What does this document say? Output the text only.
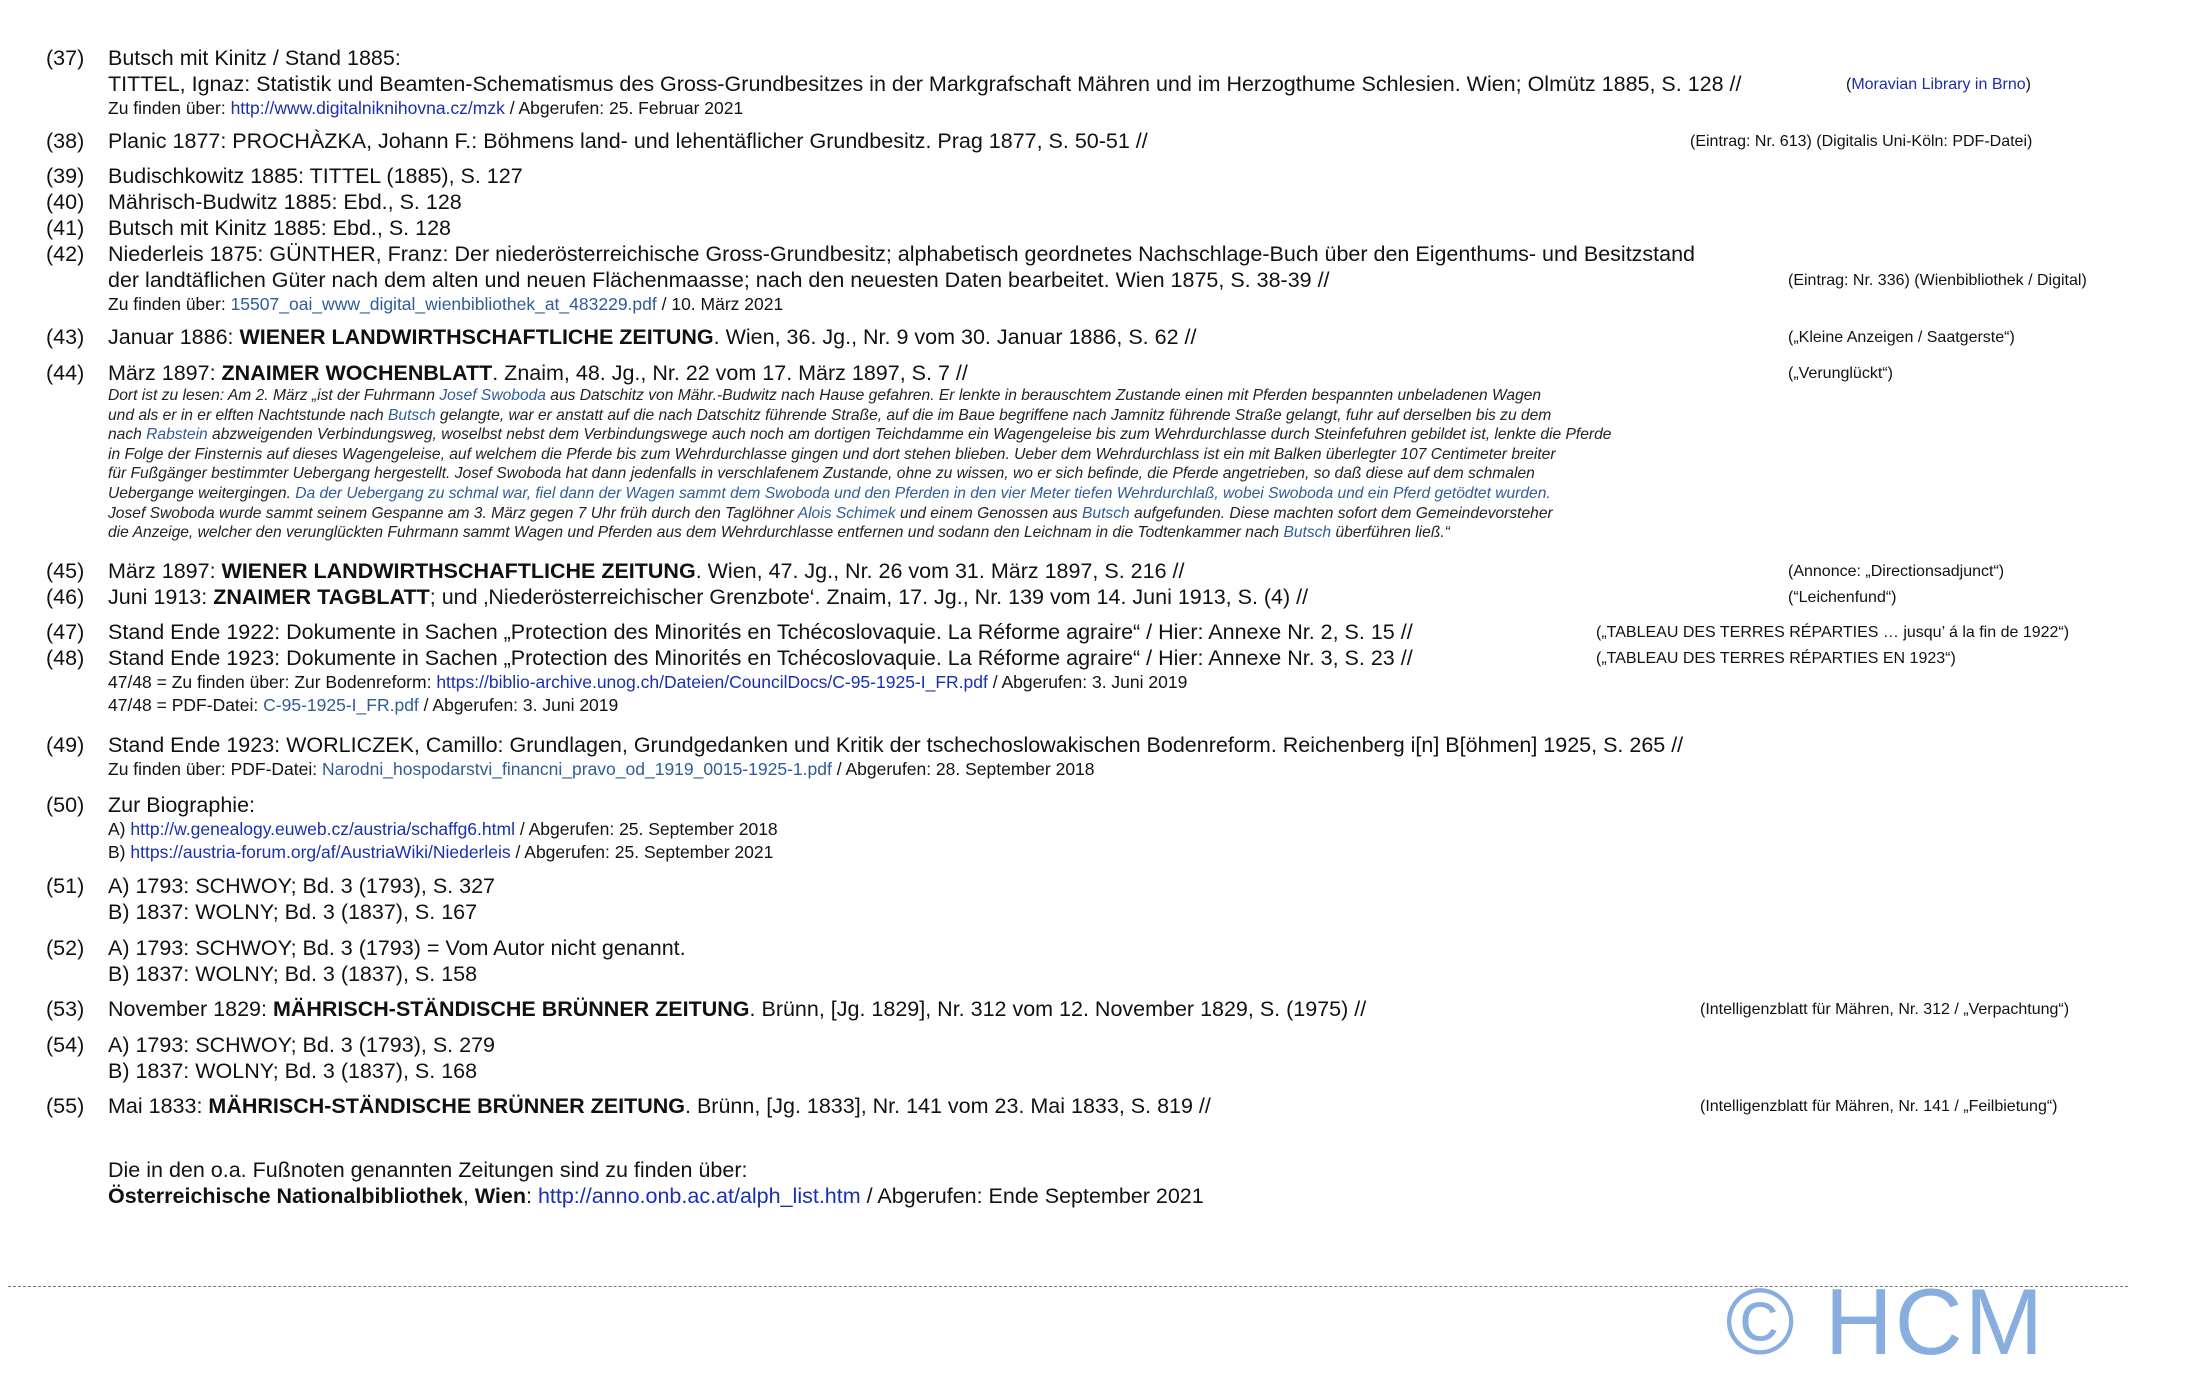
(37)	Butsch mit Kinitz / Stand 1885:
TITTEL, Ignaz: Statistik und Beamten-Schematismus des Gross-Grundbesitzes in der Markgrafschaft Mähren und im Herzogthume Schlesien. Wien; Olmütz 1885, S. 128 //	(Moravian Library in Brno)
Zu finden über: http://www.digitalniknihovna.cz/mzk / Abgerufen: 25. Februar 2021
(38)	Planic 1877: PROCHÀZKA, Johann F.: Böhmens land- und lehentäflicher Grundbesitz. Prag 1877, S. 50-51 //	(Eintrag: Nr. 613) (Digitalis Uni-Köln: PDF-Datei)
(39)	Budischkowitz 1885: TITTEL (1885), S. 127
(40)	Mährisch-Budwitz 1885: Ebd., S. 128
(41)	Butsch mit Kinitz 1885: Ebd., S. 128
(42)	Niederleis 1875: GÜNTHER, Franz: Der niederösterreichische Gross-Grundbesitz; alphabetisch geordnetes Nachschlage-Buch über den Eigenthums- und Besitzstand
der landtäflichen Güter nach dem alten und neuen Flächenmaasse; nach den neuesten Daten bearbeitet. Wien 1875, S. 38-39 //	(Eintrag: Nr. 336) (Wienbibliothek / Digital)
Zu finden über: 15507_oai_www_digital_wienbibliothek_at_483229.pdf / 10. März 2021
(43)	Januar 1886: WIENER LANDWIRTHSCHAFTLICHE ZEITUNG. Wien, 36. Jg., Nr. 9 vom 30. Januar 1886, S. 62 //	(„Kleine Anzeigen / Saatgerste“)
(44)	März 1897: ZNAIMER WOCHENBLATT. Znaim, 48. Jg., Nr. 22 vom 17. März 1897, S. 7 //	(„Verunglückt“)
Dort ist zu lesen: Am 2. März „ist der Fuhrmann Josef Swoboda aus Datschitz von Mähr.-Budwitz nach Hause gefahren. Er lenkte in berauschtem Zustande einen mit Pferden bespannten unbeladenen Wagen
und als er in er elften Nachtstunde nach Butsch gelangte, war er anstatt auf die nach Datschitz führende Straße, auf die im Baue begriffene nach Jamnitz führende Straße gelangt, fuhr auf derselben bis zu dem
nach Rabstein abzweigenden Verbindungsweg, woselbst nebst dem Verbindungswege auch noch am dortigen Teichdamme ein Wagengeleise bis zum Wehrdurchlasse durch Steinfefuhren gebildet ist, lenkte die Pferde
in Folge der Finsternis auf dieses Wagengeleise, auf welchem die Pferde bis zum Wehrdurchlasse gingen und dort stehen blieben. Ueber dem Wehrdurchlass ist ein mit Balken überlegter 107 Centimeter breiter
für Fußgänger bestimmter Uebergang hergestellt. Josef Swoboda hat dann jedenfalls in verschlafenem Zustande, ohne zu wissen, wo er sich befinde, die Pferde angetrieben, so daß diese auf dem schmalen
Uebergange weitergingen. Da der Uebergang zu schmal war, fiel dann der Wagen sammt dem Swoboda und den Pferden in den vier Meter tiefen Wehrdurchlaß, wobei Swoboda und ein Pferd getödtet wurden.
Josef Swoboda wurde sammt seinem Gespanne am 3. März gegen 7 Uhr früh durch den Taglöhner Alois Schimek und einem Genossen aus Butsch aufgefunden. Diese machten sofort dem Gemeindevorsteher
die Anzeige, welcher den verunglückten Fuhrmann sammt Wagen und Pferden aus dem Wehrdurchlasse entfernen und sodann den Leichnam in die Todtenkammer nach Butsch überführen ließ.“
(45)	März 1897: WIENER LANDWIRTHSCHAFTLICHE ZEITUNG. Wien, 47. Jg., Nr. 26 vom 31. März 1897, S. 216 //	(Annonce: „Directionsadjunct“)
(46)	Juni 1913: ZNAIMER TAGBLATT; und ‚Niederösterreichischer Grenzbote‘. Znaim, 17. Jg., Nr. 139 vom 14. Juni 1913, S. (4) //	(“Leichenfund“)
(47)	Stand Ende 1922: Dokumente in Sachen „Protection des Minorités en Tchécoslovaquie. La Réforme agraire“ / Hier: Annexe Nr. 2, S. 15 //	(„TABLEAU DES TERRES RÉPARTIES … jusqu’ á la fin de 1922“)
(48)	Stand Ende 1923: Dokumente in Sachen „Protection des Minorités en Tchécoslovaquie. La Réforme agraire“ / Hier: Annexe Nr. 3, S. 23 //	(„TABLEAU DES TERRES RÉPARTIES EN 1923“)
47/48 = Zu finden über: Zur Bodenreform: https://biblio-archive.unog.ch/Dateien/CouncilDocs/C-95-1925-I_FR.pdf / Abgerufen: 3. Juni 2019
47/48 = PDF-Datei: C-95-1925-I_FR.pdf / Abgerufen: 3. Juni 2019
(49)	Stand Ende 1923: WORLICZEK, Camillo: Grundlagen, Grundgedanken und Kritik der tschechoslowakischen Bodenreform. Reichenberg i[n] B[öhmen] 1925, S. 265 //
Zu finden über: PDF-Datei: Narodni_hospodarstvi_financni_pravo_od_1919_0015-1925-1.pdf / Abgerufen: 28. September 2018
(50)	Zur Biographie:
A) http://w.genealogy.euweb.cz/austria/schaffg6.html / Abgerufen: 25. September 2018
B) https://austria-forum.org/af/AustriaWiki/Niederleis / Abgerufen: 25. September 2021
(51)	A) 1793: SCHWOY; Bd. 3 (1793), S. 327
B) 1837: WOLNY; Bd. 3 (1837), S. 167
(52)	A) 1793: SCHWOY; Bd. 3 (1793) = Vom Autor nicht genannt.
B) 1837: WOLNY; Bd. 3 (1837), S. 158
(53)	November 1829: MÄHRISCH-STÄNDISCHE BRÜNNER ZEITUNG. Brünn, [Jg. 1829], Nr. 312 vom 12. November 1829, S. (1975) //	(Intelligenzblatt für Mähren, Nr. 312 / „Verpachtung“)
(54)	A) 1793: SCHWOY; Bd. 3 (1793), S. 279
B) 1837: WOLNY; Bd. 3 (1837), S. 168
(55)	Mai 1833: MÄHRISCH-STÄNDISCHE BRÜNNER ZEITUNG. Brünn, [Jg. 1833], Nr. 141 vom 23. Mai 1833, S. 819 //	(Intelligenzblatt für Mähren, Nr. 141 / „Feilbietung“)
Die in den o.a. Fußnoten genannten Zeitungen sind zu finden über:
Österreichische Nationalbibliothek, Wien: http://anno.onb.ac.at/alph_list.htm / Abgerufen: Ende September 2021
© HCM
